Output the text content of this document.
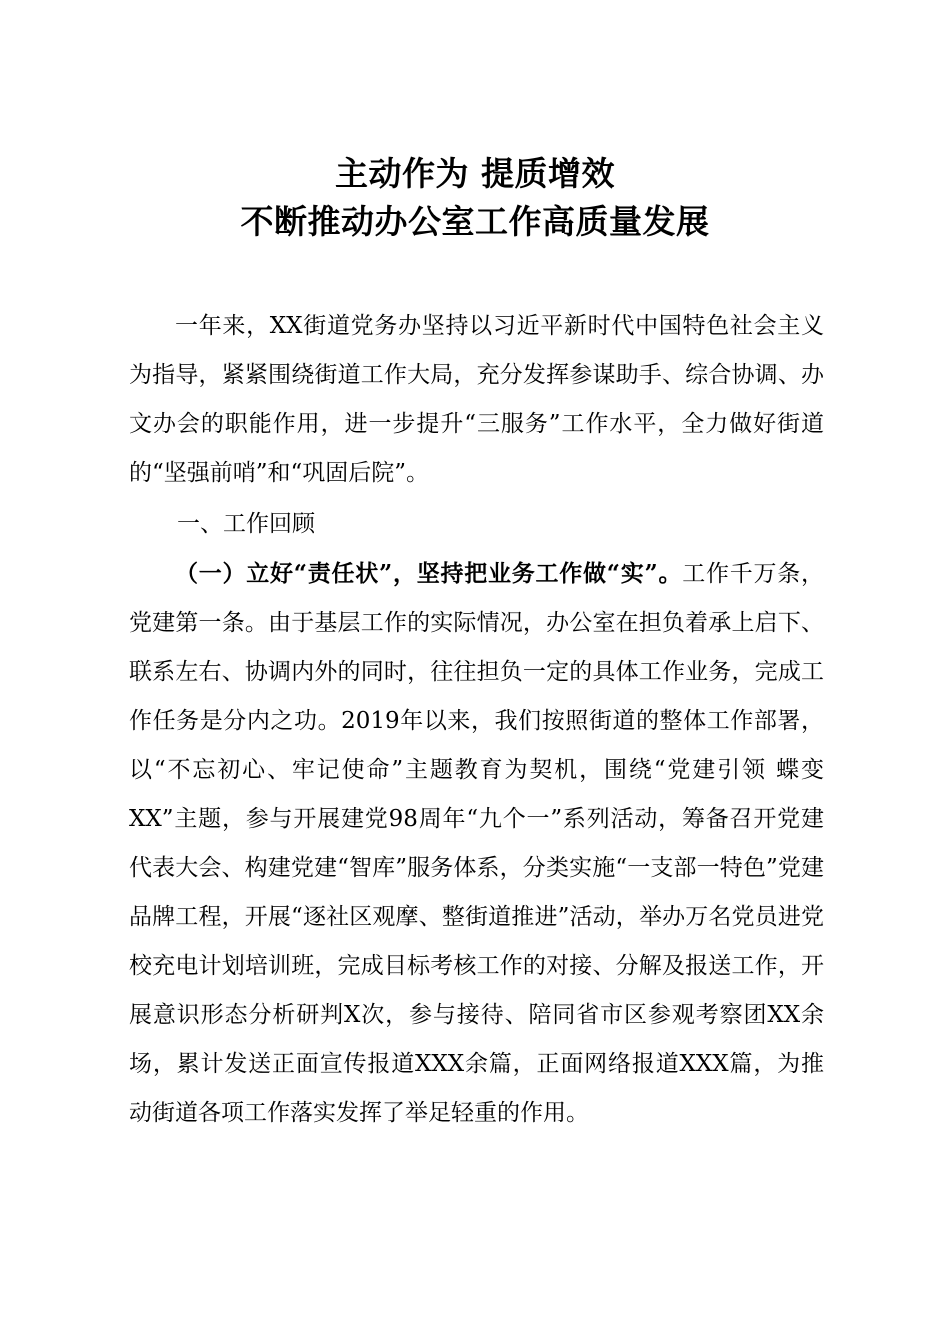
主动作为 提质增效
不断推动办公室工作高质量发展

一年来，XX街道党务办坚持以习近平新时代中国特色社会主义为指导，紧紧围绕街道工作大局，充分发挥参谋助手、综合协调、办文办会的职能作用，进一步提升“三服务”工作水平，全力做好街道的“坚强前哨”和“巩固后院”。

一、工作回顾

（一）立好“责任状”，坚持把业务工作做“实”。工作千万条，党建第一条。由于基层工作的实际情况，办公室在担负着承上启下、联系左右、协调内外的同时，往往担负一定的具体工作业务，完成工作任务是分内之功。2019年以来，我们按照街道的整体工作部署，以“不忘初心、牢记使命”主题教育为契机，围绕“党建引领 蝶变XX”主题，参与开展建党98周年“九个一”系列活动，筹备召开党建代表大会、构建党建“智库”服务体系，分类实施“一支部一特色”党建品牌工程，开展“逐社区观摩、整街道推进”活动，举办万名党员进党校充电计划培训班，完成目标考核工作的对接、分解及报送工作，开展意识形态分析研判X次，参与接待、陪同省市区参观考察团XX余场，累计发送正面宣传报道XXX余篇，正面网络报道XXX篇，为推动街道各项工作落实发挥了举足轻重的作用。
